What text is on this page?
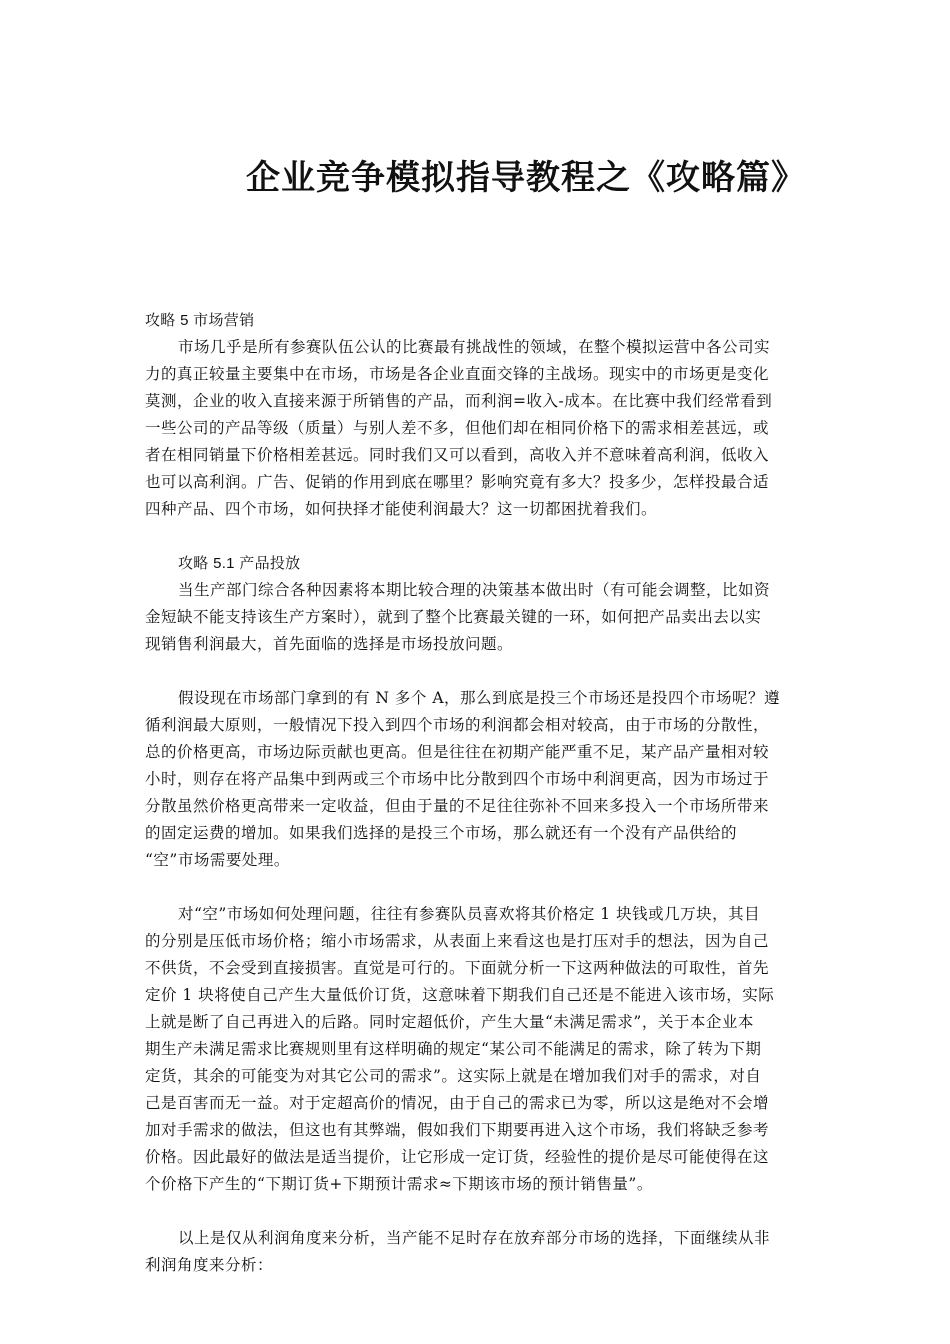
企业竞争模拟指导教程之《攻略篇》
攻略 5 市场营销
市场几乎是所有参赛队伍公认的比赛最有挑战性的领域，在整个模拟运营中各公司实
力的真正较量主要集中在市场，市场是各企业直面交锋的主战场。现实中的市场更是变化
莫测，企业的收入直接来源于所销售的产品，而利润=收入-成本。在比赛中我们经常看到
一些公司的产品等级（质量）与别人差不多，但他们却在相同价格下的需求相差甚远，或
者在相同销量下价格相差甚远。同时我们又可以看到，高收入并不意味着高利润，低收入
也可以高利润。广告、促销的作用到底在哪里？影响究竟有多大？投多少，怎样投最合适
四种产品、四个市场，如何抉择才能使利润最大？这一切都困扰着我们。
攻略 5.1 产品投放
当生产部门综合各种因素将本期比较合理的决策基本做出时（有可能会调整，比如资
金短缺不能支持该生产方案时），就到了整个比赛最关键的一环，如何把产品卖出去以实
现销售利润最大，首先面临的选择是市场投放问题。
假设现在市场部门拿到的有 N 多个 A，那么到底是投三个市场还是投四个市场呢？遵
循利润最大原则，一般情况下投入到四个市场的利润都会相对较高，由于市场的分散性，
总的价格更高，市场边际贡献也更高。但是往往在初期产能严重不足，某产品产量相对较
小时，则存在将产品集中到两或三个市场中比分散到四个市场中利润更高，因为市场过于
分散虽然价格更高带来一定收益，但由于量的不足往往弥补不回来多投入一个市场所带来
的固定运费的增加。如果我们选择的是投三个市场，那么就还有一个没有产品供给的
“空”市场需要处理。
对“空”市场如何处理问题，往往有参赛队员喜欢将其价格定 1 块钱或几万块，其目
的分别是压低市场价格；缩小市场需求，从表面上来看这也是打压对手的想法，因为自己
不供货，不会受到直接损害。直觉是可行的。下面就分析一下这两种做法的可取性，首先
定价 1 块将使自己产生大量低价订货，这意味着下期我们自己还是不能进入该市场，实际
上就是断了自己再进入的后路。同时定超低价，产生大量“未满足需求”，关于本企业本
期生产未满足需求比赛规则里有这样明确的规定“某公司不能满足的需求，除了转为下期
定货，其余的可能变为对其它公司的需求”。这实际上就是在增加我们对手的需求，对自
己是百害而无一益。对于定超高价的情况，由于自己的需求已为零，所以这是绝对不会增
加对手需求的做法，但这也有其弊端，假如我们下期要再进入这个市场，我们将缺乏参考
价格。因此最好的做法是适当提价，让它形成一定订货，经验性的提价是尽可能使得在这
个价格下产生的“下期订货+下期预计需求≈下期该市场的预计销售量”。
以上是仅从利润角度来分析，当产能不足时存在放弃部分市场的选择，下面继续从非
利润角度来分析：
